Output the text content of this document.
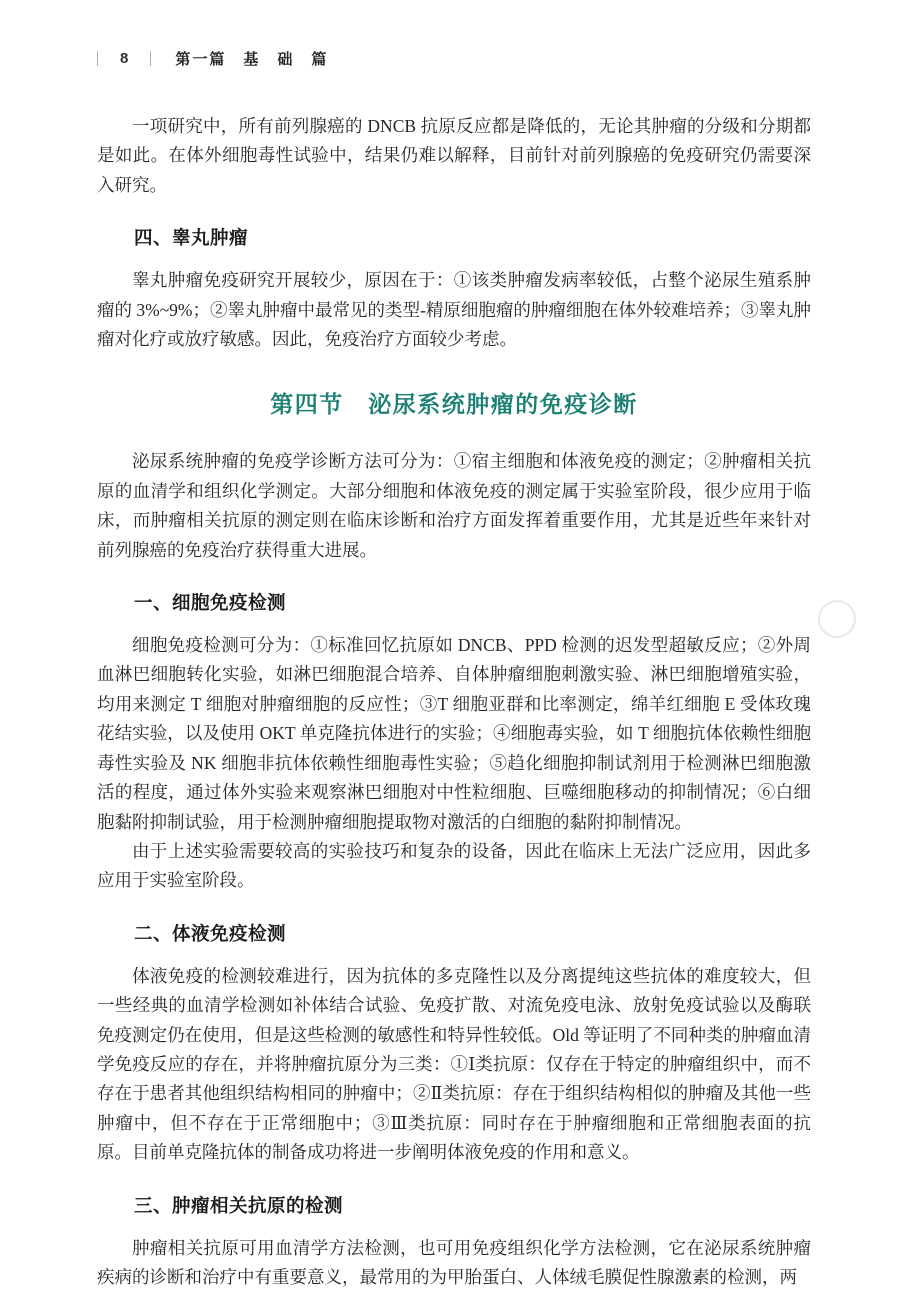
8	第一篇　基　础　篇

一项研究中，所有前列腺癌的 DNCB 抗原反应都是降低的，无论其肿瘤的分级和分期都是如此。在体外细胞毒性试验中，结果仍难以解释，目前针对前列腺癌的免疫研究仍需要深入研究。

四、睾丸肿瘤

睾丸肿瘤免疫研究开展较少，原因在于：①该类肿瘤发病率较低，占整个泌尿生殖系肿瘤的 3%~9%；②睾丸肿瘤中最常见的类型-精原细胞瘤的肿瘤细胞在体外较难培养；③睾丸肿瘤对化疗或放疗敏感。因此，免疫治疗方面较少考虑。

第四节　泌尿系统肿瘤的免疫诊断

泌尿系统肿瘤的免疫学诊断方法可分为：①宿主细胞和体液免疫的测定；②肿瘤相关抗原的血清学和组织化学测定。大部分细胞和体液免疫的测定属于实验室阶段，很少应用于临床，而肿瘤相关抗原的测定则在临床诊断和治疗方面发挥着重要作用，尤其是近些年来针对前列腺癌的免疫治疗获得重大进展。

一、细胞免疫检测

细胞免疫检测可分为：①标准回忆抗原如 DNCB、PPD 检测的迟发型超敏反应；②外周血淋巴细胞转化实验，如淋巴细胞混合培养、自体肿瘤细胞刺激实验、淋巴细胞增殖实验，均用来测定 T 细胞对肿瘤细胞的反应性；③T 细胞亚群和比率测定，绵羊红细胞 E 受体玫瑰花结实验，以及使用 OKT 单克隆抗体进行的实验；④细胞毒实验，如 T 细胞抗体依赖性细胞毒性实验及 NK 细胞非抗体依赖性细胞毒性实验；⑤趋化细胞抑制试剂用于检测淋巴细胞激活的程度，通过体外实验来观察淋巴细胞对中性粒细胞、巨噬细胞移动的抑制情况；⑥白细胞黏附抑制试验，用于检测肿瘤细胞提取物对激活的白细胞的黏附抑制情况。

由于上述实验需要较高的实验技巧和复杂的设备，因此在临床上无法广泛应用，因此多应用于实验室阶段。

二、体液免疫检测

体液免疫的检测较难进行，因为抗体的多克隆性以及分离提纯这些抗体的难度较大，但一些经典的血清学检测如补体结合试验、免疫扩散、对流免疫电泳、放射免疫试验以及酶联免疫测定仍在使用，但是这些检测的敏感性和特异性较低。Old 等证明了不同种类的肿瘤血清学免疫反应的存在，并将肿瘤抗原分为三类：①Ⅰ类抗原：仅存在于特定的肿瘤组织中，而不存在于患者其他组织结构相同的肿瘤中；②Ⅱ类抗原：存在于组织结构相似的肿瘤及其他一些肿瘤中，但不存在于正常细胞中；③Ⅲ类抗原：同时存在于肿瘤细胞和正常细胞表面的抗原。目前单克隆抗体的制备成功将进一步阐明体液免疫的作用和意义。

三、肿瘤相关抗原的检测

肿瘤相关抗原可用血清学方法检测，也可用免疫组织化学方法检测，它在泌尿系统肿瘤疾病的诊断和治疗中有重要意义，最常用的为甲胎蛋白、人体绒毛膜促性腺激素的检测，两
